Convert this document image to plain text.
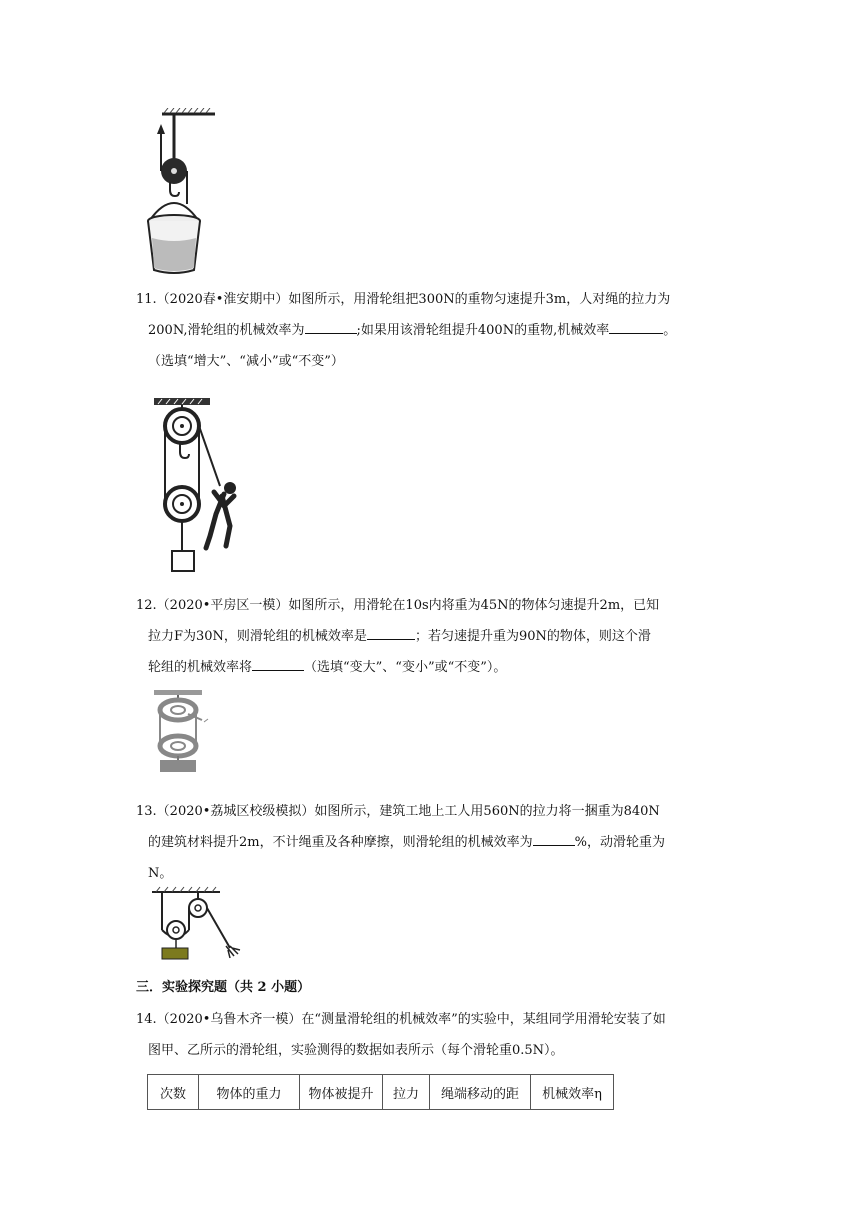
11.（2020春•淮安期中）如图所示，用滑轮组把300N的重物匀速提升3m，人对绳的拉力为
200N,滑轮组的机械效率为	;如果用该滑轮组提升400N的重物,机械效率	。
（选填“增大”、“减小”或“不变”）
12.（2020•平房区一模）如图所示，用滑轮在10s内将重为45N的物体匀速提升2m，已知
拉力F为30N，则滑轮组的机械效率是	；若匀速提升重为90N的物体，则这个滑
轮组的机械效率将	（选填“变大”、“变小”或“不变”）。
13.（2020•荔城区校级模拟）如图所示，建筑工地上工人用560N的拉力将一捆重为840N
的建筑材料提升2m，不计绳重及各种摩擦，则滑轮组的机械效率为	%，动滑轮重为
N。
三．实验探究题（共 2 小题）
14.（2020•乌鲁木齐一模）在“测量滑轮组的机械效率”的实验中，某组同学用滑轮安装了如
图甲、乙所示的滑轮组，实验测得的数据如表所示（每个滑轮重0.5N）。
次数	物体的重力	物体被提升	拉力	绳端移动的距	机械效率η
